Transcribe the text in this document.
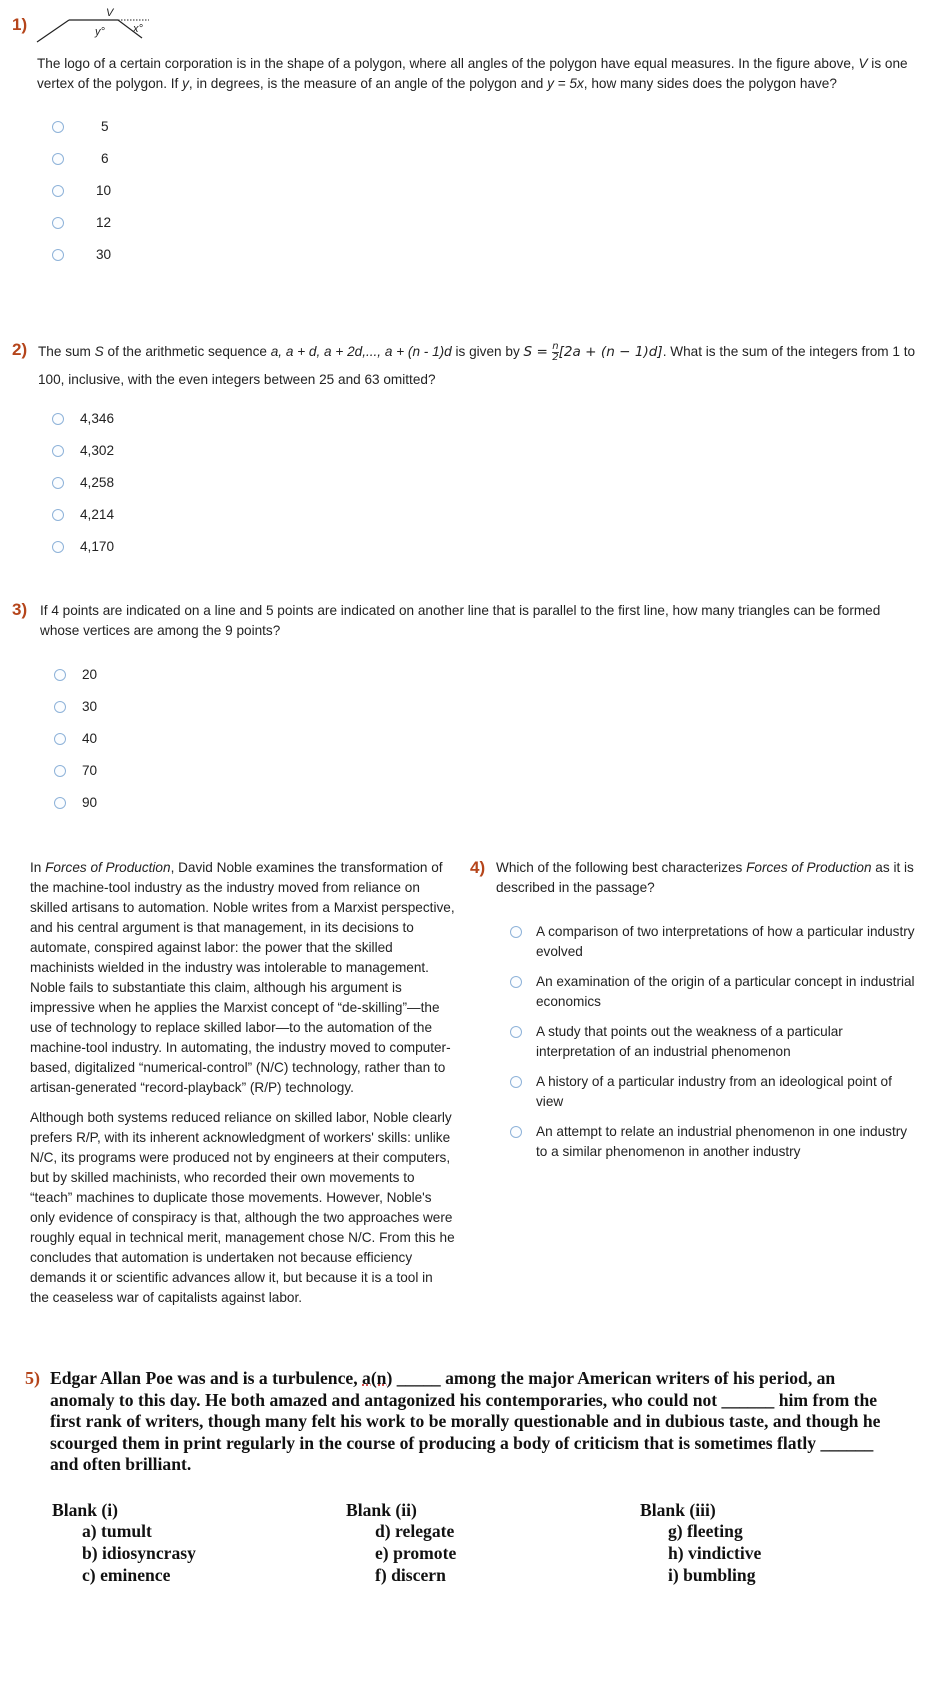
1)
V
y°	x°
The logo of a certain corporation is in the shape of a polygon, where all angles of the polygon have equal measures. In the figure above, V is one vertex of the polygon. If y, in degrees, is the measure of an angle of the polygon and y = 5x, how many sides does the polygon have?
5
6
10
12
30
2) The sum S of the arithmetic sequence a, a + d, a + 2d,..., a + (n - 1)d is given by $S = \frac{n}{2} [2a + (n - 1)d]$. What is the sum of the integers from 1 to 100, inclusive, with the even integers between 25 and 63 omitted?
4,346
4,302
4,258
4,214
4,170
3) If 4 points are indicated on a line and 5 points are indicated on another line that is parallel to the first line, how many triangles can be formed whose vertices are among the 9 points?
20
30
40
70
90

In Forces of Production, David Noble examines the transformation of the machine-tool industry as the industry moved from reliance on skilled artisans to automation. Noble writes from a Marxist perspective, and his central argument is that management, in its decisions to automate, conspired against labor: the power that the skilled machinists wielded in the industry was intolerable to management. Noble fails to substantiate this claim, although his argument is impressive when he applies the Marxist concept of “de-skilling”—the use of technology to replace skilled labor—to the automation of the machine-tool industry. In automating, the industry moved to computer-based, digitalized “numerical-control” (N/C) technology, rather than to artisan-generated “record-playback” (R/P) technology.

Although both systems reduced reliance on skilled labor, Noble clearly prefers R/P, with its inherent acknowledgment of workers' skills: unlike N/C, its programs were produced not by engineers at their computers, but by skilled machinists, who recorded their own movements to “teach” machines to duplicate those movements. However, Noble's only evidence of conspiracy is that, although the two approaches were roughly equal in technical merit, management chose N/C. From this he concludes that automation is undertaken not because efficiency demands it or scientific advances allow it, but because it is a tool in the ceaseless war of capitalists against labor.

4) Which of the following best characterizes Forces of Production as it is described in the passage?
A comparison of two interpretations of how a particular industry evolved
An examination of the origin of a particular concept in industrial economics
A study that points out the weakness of a particular interpretation of an industrial phenomenon
A history of a particular industry from an ideological point of view
An attempt to relate an industrial phenomenon in one industry to a similar phenomenon in another industry
5) Edgar Allan Poe was and is a turbulence, a(n) _____ among the major American writers of his period, an anomaly to this day. He both amazed and antagonized his contemporaries, who could not ______ him from the first rank of writers, though many felt his work to be morally questionable and in dubious taste, and though he scourged them in print regularly in the course of producing a body of criticism that is sometimes flatly ______ and often brilliant.
Blank (i)
a) tumult
b) idiosyncrasy
c) eminence
Blank (ii)
d) relegate
e) promote
f) discern
Blank (iii)
g) fleeting
h) vindictive
i) bumbling
